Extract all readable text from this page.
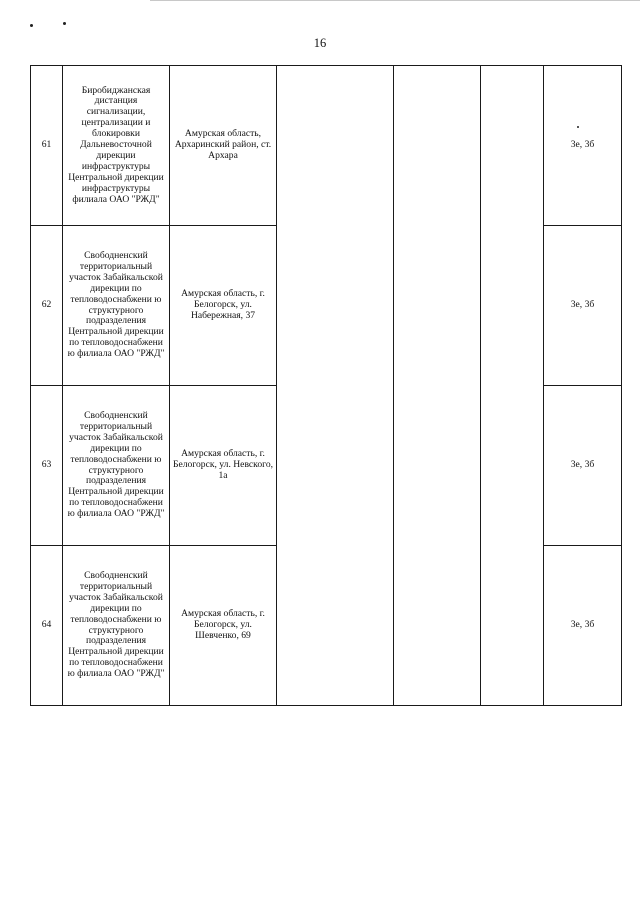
16
61	Биробиджанская дистанция сигнализации, централизации и блокировки Дальневосточной дирекции инфраструктуры Центральной дирекции инфраструктуры филиала ОАО "РЖД"	Амурская область, Архаринский район, ст. Архара				3е, 3б
62	Свободненский территориальный участок Забайкальской дирекции по тепловодоснабжени ю структурного подразделения Центральной дирекции по тепловодоснабжени ю филиала ОАО "РЖД"	Амурская область, г. Белогорск, ул. Набережная, 37				3е, 3б
63	Свободненский территориальный участок Забайкальской дирекции по тепловодоснабжени ю структурного подразделения Центральной дирекции по тепловодоснабжени ю филиала ОАО "РЖД"	Амурская область, г. Белогорск, ул. Невского, 1а				3е, 3б
64	Свободненский территориальный участок Забайкальской дирекции по тепловодоснабжени ю структурного подразделения Центральной дирекции по тепловодоснабжени ю филиала ОАО "РЖД"	Амурская область, г. Белогорск, ул. Шевченко, 69				3е, 3б
